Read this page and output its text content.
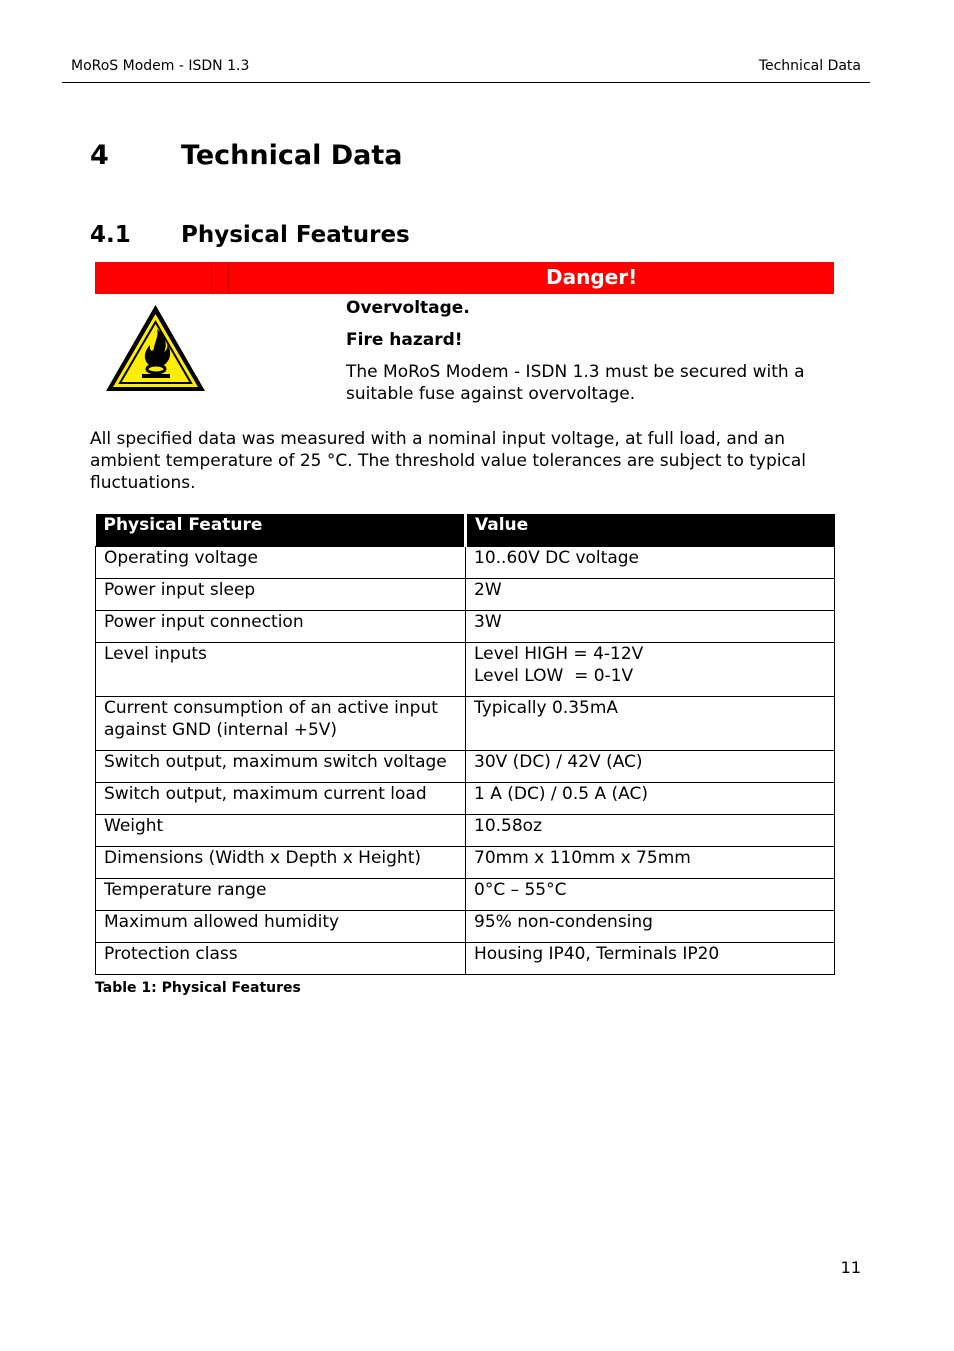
MoRoS Modem - ISDN 1.3	Technical Data
4	Technical Data
4.1 Physical Features
Danger!
Overvoltage.
Fire hazard!
The MoRoS Modem - ISDN 1.3 must be secured with a suitable fuse against overvoltage.
All specified data was measured with a nominal input voltage, at full load, and an ambient temperature of 25 °C. The threshold value tolerances are subject to typical fluctuations.
Physical Feature	Value
Operating voltage	10..60V DC voltage
Power input sleep	2W
Power input connection	3W
Level inputs	Level HIGH = 4-12V
Level LOW  = 0-1V
Current consumption of an active input against GND (internal +5V)	Typically 0.35mA
Switch output, maximum switch voltage	30V (DC) / 42V (AC)
Switch output, maximum current load	1 A (DC) / 0.5 A (AC)
Weight	10.58oz
Dimensions (Width x Depth x Height)	70mm x 110mm x 75mm
Temperature range	0°C – 55°C
Maximum allowed humidity	95% non-condensing
Protection class	Housing IP40, Terminals IP20
Table 1: Physical Features
11
